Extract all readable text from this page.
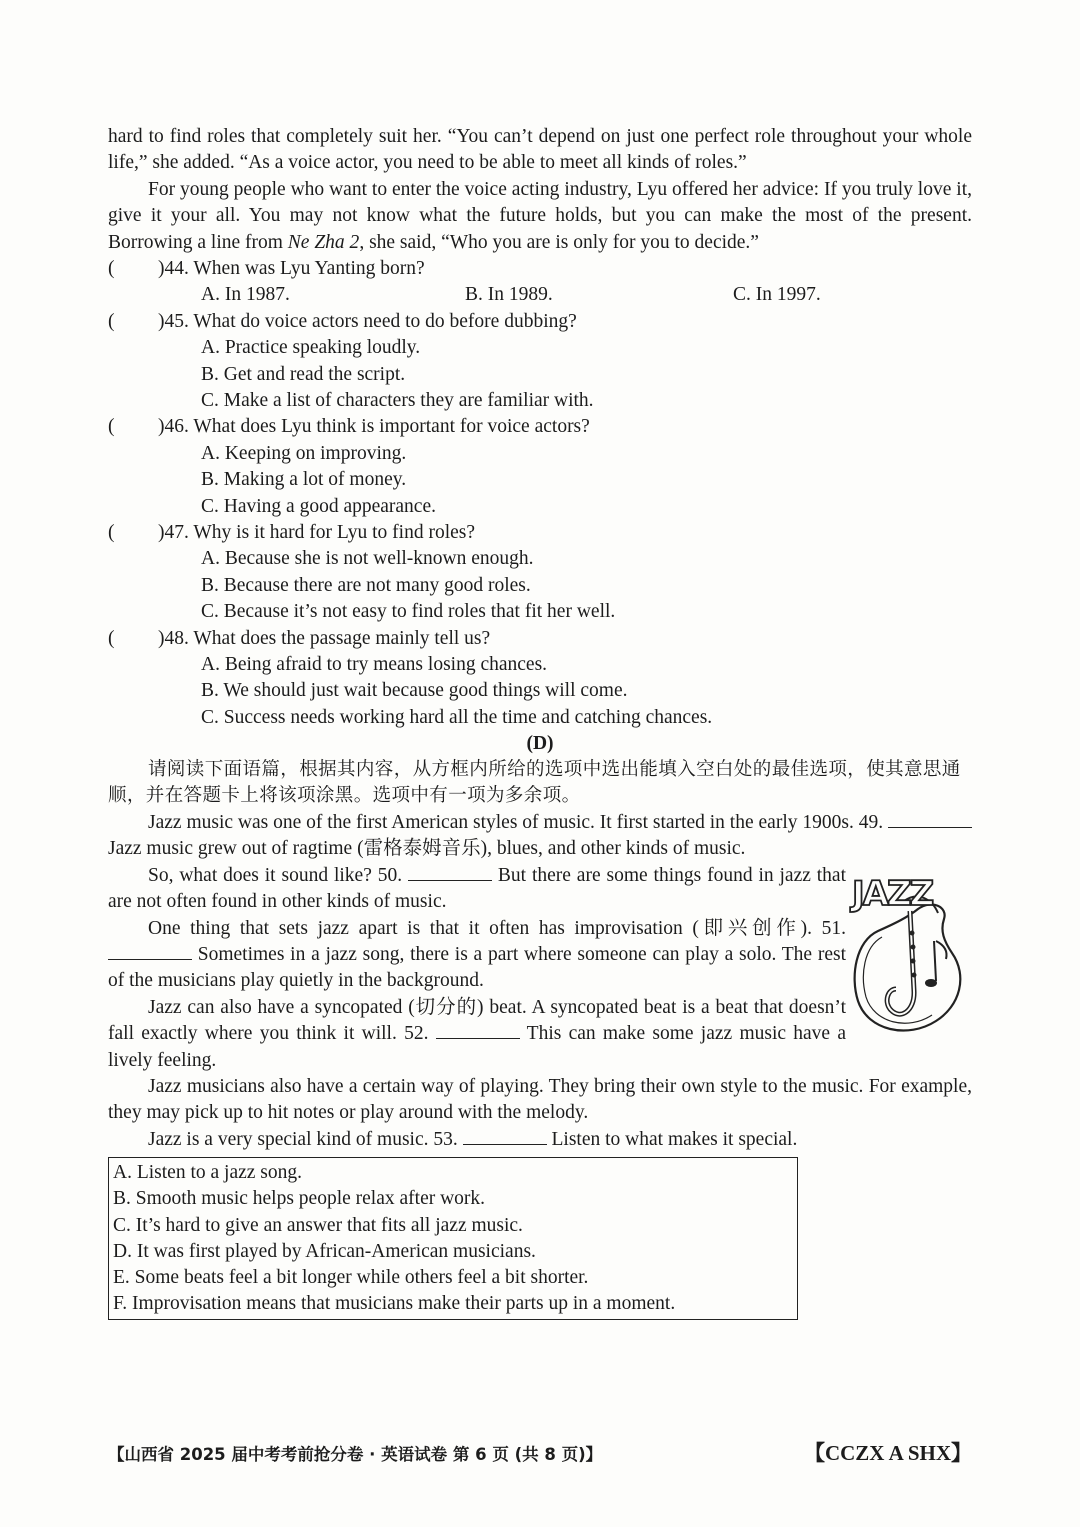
hard to find roles that completely suit her. “You can’t depend on just one perfect role throughout your whole life,” she added. “As a voice actor, you need to be able to meet all kinds of roles.”

For young people who want to enter the voice acting industry, Lyu offered her advice: If you truly love it, give it your all. You may not know what the future holds, but you can make the most of the present. Borrowing a line from Ne Zha 2, she said, “Who you are is only for you to decide.”

(	)44. When was Lyu Yanting born?
A. In 1987.	B. In 1989.	C. In 1997.
(	)45. What do voice actors need to do before dubbing?
A. Practice speaking loudly.
B. Get and read the script.
C. Make a list of characters they are familiar with.
(	)46. What does Lyu think is important for voice actors?
A. Keeping on improving.
B. Making a lot of money.
C. Having a good appearance.
(	)47. Why is it hard for Lyu to find roles?
A. Because she is not well-known enough.
B. Because there are not many good roles.
C. Because it’s not easy to find roles that fit her well.
(	)48. What does the passage mainly tell us?
A. Being afraid to try means losing chances.
B. We should just wait because good things will come.
C. Success needs working hard all the time and catching chances.
(D)

请阅读下面语篇，根据其内容，从方框内所给的选项中选出能填入空白处的最佳选项，使其意思通顺，并在答题卡上将该项涂黑。选项中有一项为多余项。

Jazz music was one of the first American styles of music. It first started in the early 1900s. 49.  Jazz music grew out of ragtime (雷格泰姆音乐), blues, and other kinds of music.

JAZZ

So, what does it sound like? 50.	But there are some things found in jazz that are not often found in other kinds of music.

One thing that sets jazz apart is that it often has improvisation (即兴创作). 51.  Sometimes in a jazz song, there is a part where someone can play a solo. The rest of the musicians play quietly in the background.

Jazz can also have a syncopated (切分的) beat. A syncopated beat is a beat that doesn’t fall exactly where you think it will. 52.	This can make some jazz music have a lively feeling.

Jazz musicians also have a certain way of playing. They bring their own style to the music. For example, they may pick up to hit notes or play around with the melody.

Jazz is a very special kind of music. 53.	Listen to what makes it special.

A. Listen to a jazz song.
B. Smooth music helps people relax after work.
C. It’s hard to give an answer that fits all jazz music.
D. It was first played by African-American musicians.
E. Some beats feel a bit longer while others feel a bit shorter.
F. Improvisation means that musicians make their parts up in a moment.
【山西省 2025 届中考考前抢分卷 · 英语试卷 第 6 页 (共 8 页)】	【CCZX A SHX】
